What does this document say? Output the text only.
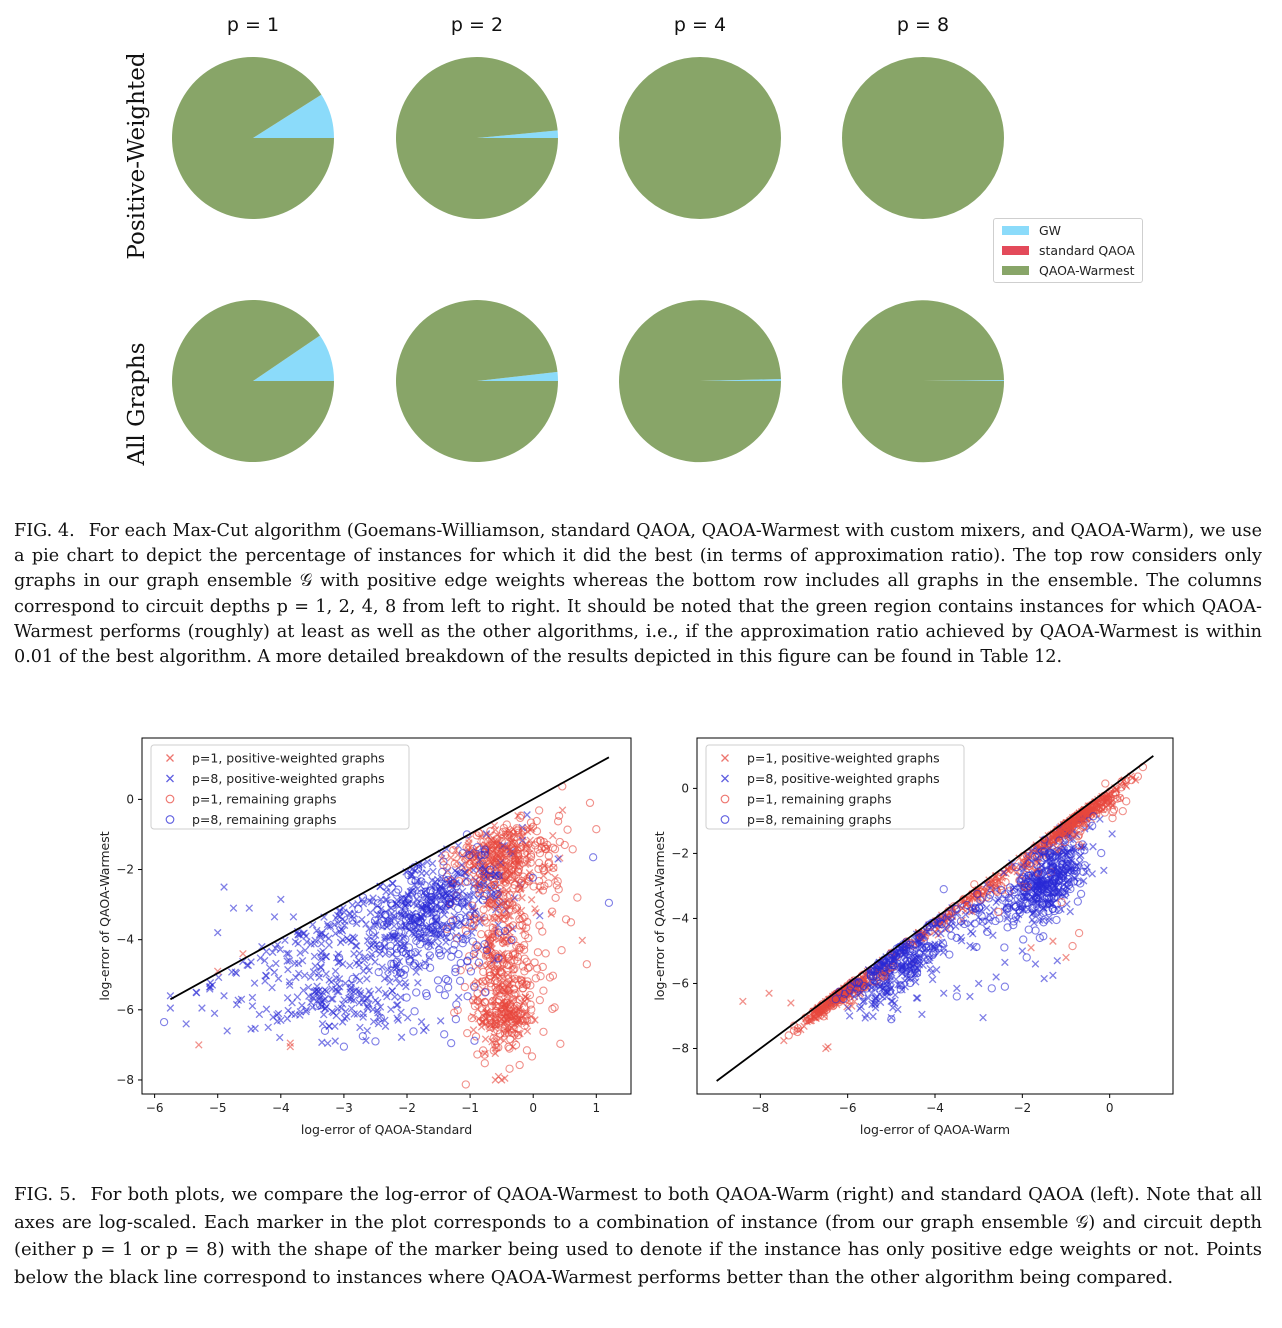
p = 1	p = 2	p = 4	p = 8
Positive-Weighted
All Graphs
GW
standard QAOA
QAOA-Warmest
FIG. 4. For each Max-Cut algorithm (Goemans-Williamson, standard QAOA, QAOA-Warmest with custom mixers, and QAOA-Warm), we use a pie chart to depict the percentage of instances for which it did the best (in terms of approximation ratio). The top row considers only graphs in our graph ensemble 𝒢 with positive edge weights whereas the bottom row includes all graphs in the ensemble. The columns correspond to circuit depths p = 1, 2, 4, 8 from left to right. It should be noted that the green region contains instances for which QAOA-Warmest performs (roughly) at least as well as the other algorithms, i.e., if the approximation ratio achieved by QAOA-Warmest is within 0.01 of the best algorithm. A more detailed breakdown of the results depicted in this figure can be found in Table 12.
−6	−5	−4	−3	−2	−1	0	1
−8
−6
−4
−2
0
log-error of QAOA-Standard
log-error of QAOA-Warmest
p=1, positive-weighted graphs
p=8, positive-weighted graphs
p=1, remaining graphs
p=8, remaining graphs
−8	−6	−4	−2	0
−8
−6
−4
−2
0
log-error of QAOA-Warm
log-error of QAOA-Warmest
p=1, positive-weighted graphs
p=8, positive-weighted graphs
p=1, remaining graphs
p=8, remaining graphs
FIG. 5. For both plots, we compare the log-error of QAOA-Warmest to both QAOA-Warm (right) and standard QAOA (left). Note that all axes are log-scaled. Each marker in the plot corresponds to a combination of instance (from our graph ensemble 𝒢) and circuit depth (either p = 1 or p = 8) with the shape of the marker being used to denote if the instance has only positive edge weights or not. Points below the black line correspond to instances where QAOA-Warmest performs better than the other algorithm being compared.
